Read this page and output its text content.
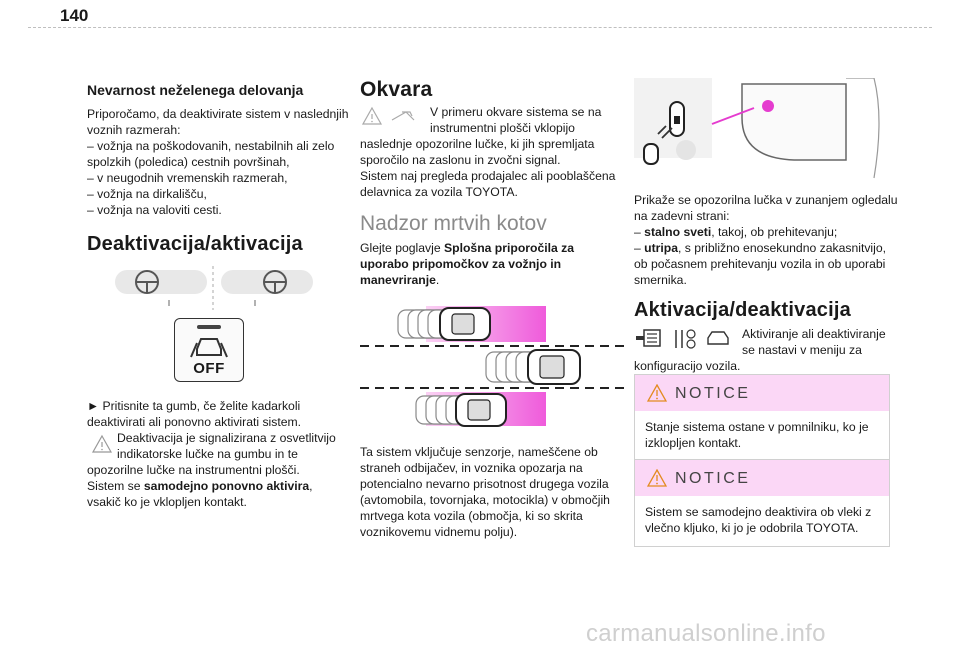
140
Nevarnost neželenega delovanja

Priporočamo, da deaktivirate sistem v naslednjih
voznih razmerah:
– vožnja na poškodovanih, nestabilnih ali zelo
spolzkih (poledica) cestnih površinah,
– v neugodnih vremenskih razmerah,
– vožnja na dirkališču,
– vožnja na valoviti cesti.

Deaktivacija/aktivacija
OFF

► Pritisnite ta gumb, če želite kadarkoli
deaktivirati ali ponovno aktivirati sistem.

Deaktivacija je signalizirana z osvetlitvijo
indikatorske lučke na gumbu in te
opozorilne lučke na instrumentni plošči.
Sistem se samodejno ponovno aktivira,
vsakič ko je vklopljen kontakt.
Okvara
V primeru okvare sistema se na
instrumentni plošči vklopijo
naslednje opozorilne lučke, ki jih spremljata
sporočilo na zaslonu in zvočni signal.
Sistem naj pregleda prodajalec ali pooblaščena
delavnica za vozila TOYOTA.
Nadzor mrtvih kotov

Glejte poglavje Splošna priporočila za
uporabo pripomočkov za vožnjo in
manevriranje.

Ta sistem vključuje senzorje, nameščene ob
straneh odbijačev, in voznika opozarja na
potencialno nevarno prisotnost drugega vozila
(avtomobila, tovornjaka, motocikla) v območjih
mrtvega kota vozila (območja, ki so skrita
voznikovemu vidnemu polju).

Prikaže se opozorilna lučka v zunanjem ogledalu
na zadevni strani:
– stalno sveti, takoj, ob prehitevanju;
– utripa, s približno enosekundno zakasnitvijo,
ob počasnem prehitevanju vozila in ob uporabi
smernika.

Aktivacija/deaktivacija
Aktiviranje ali deaktiviranje
se nastavi v meniju za
konfiguracijo vozila.
NOTICE
Stanje sistema ostane v pomnilniku, ko je
izklopljen kontakt.
NOTICE
Sistem se samodejno deaktivira ob vleki z
vlečno kljuko, ki jo je odobrila TOYOTA.
carmanualsonline.info
